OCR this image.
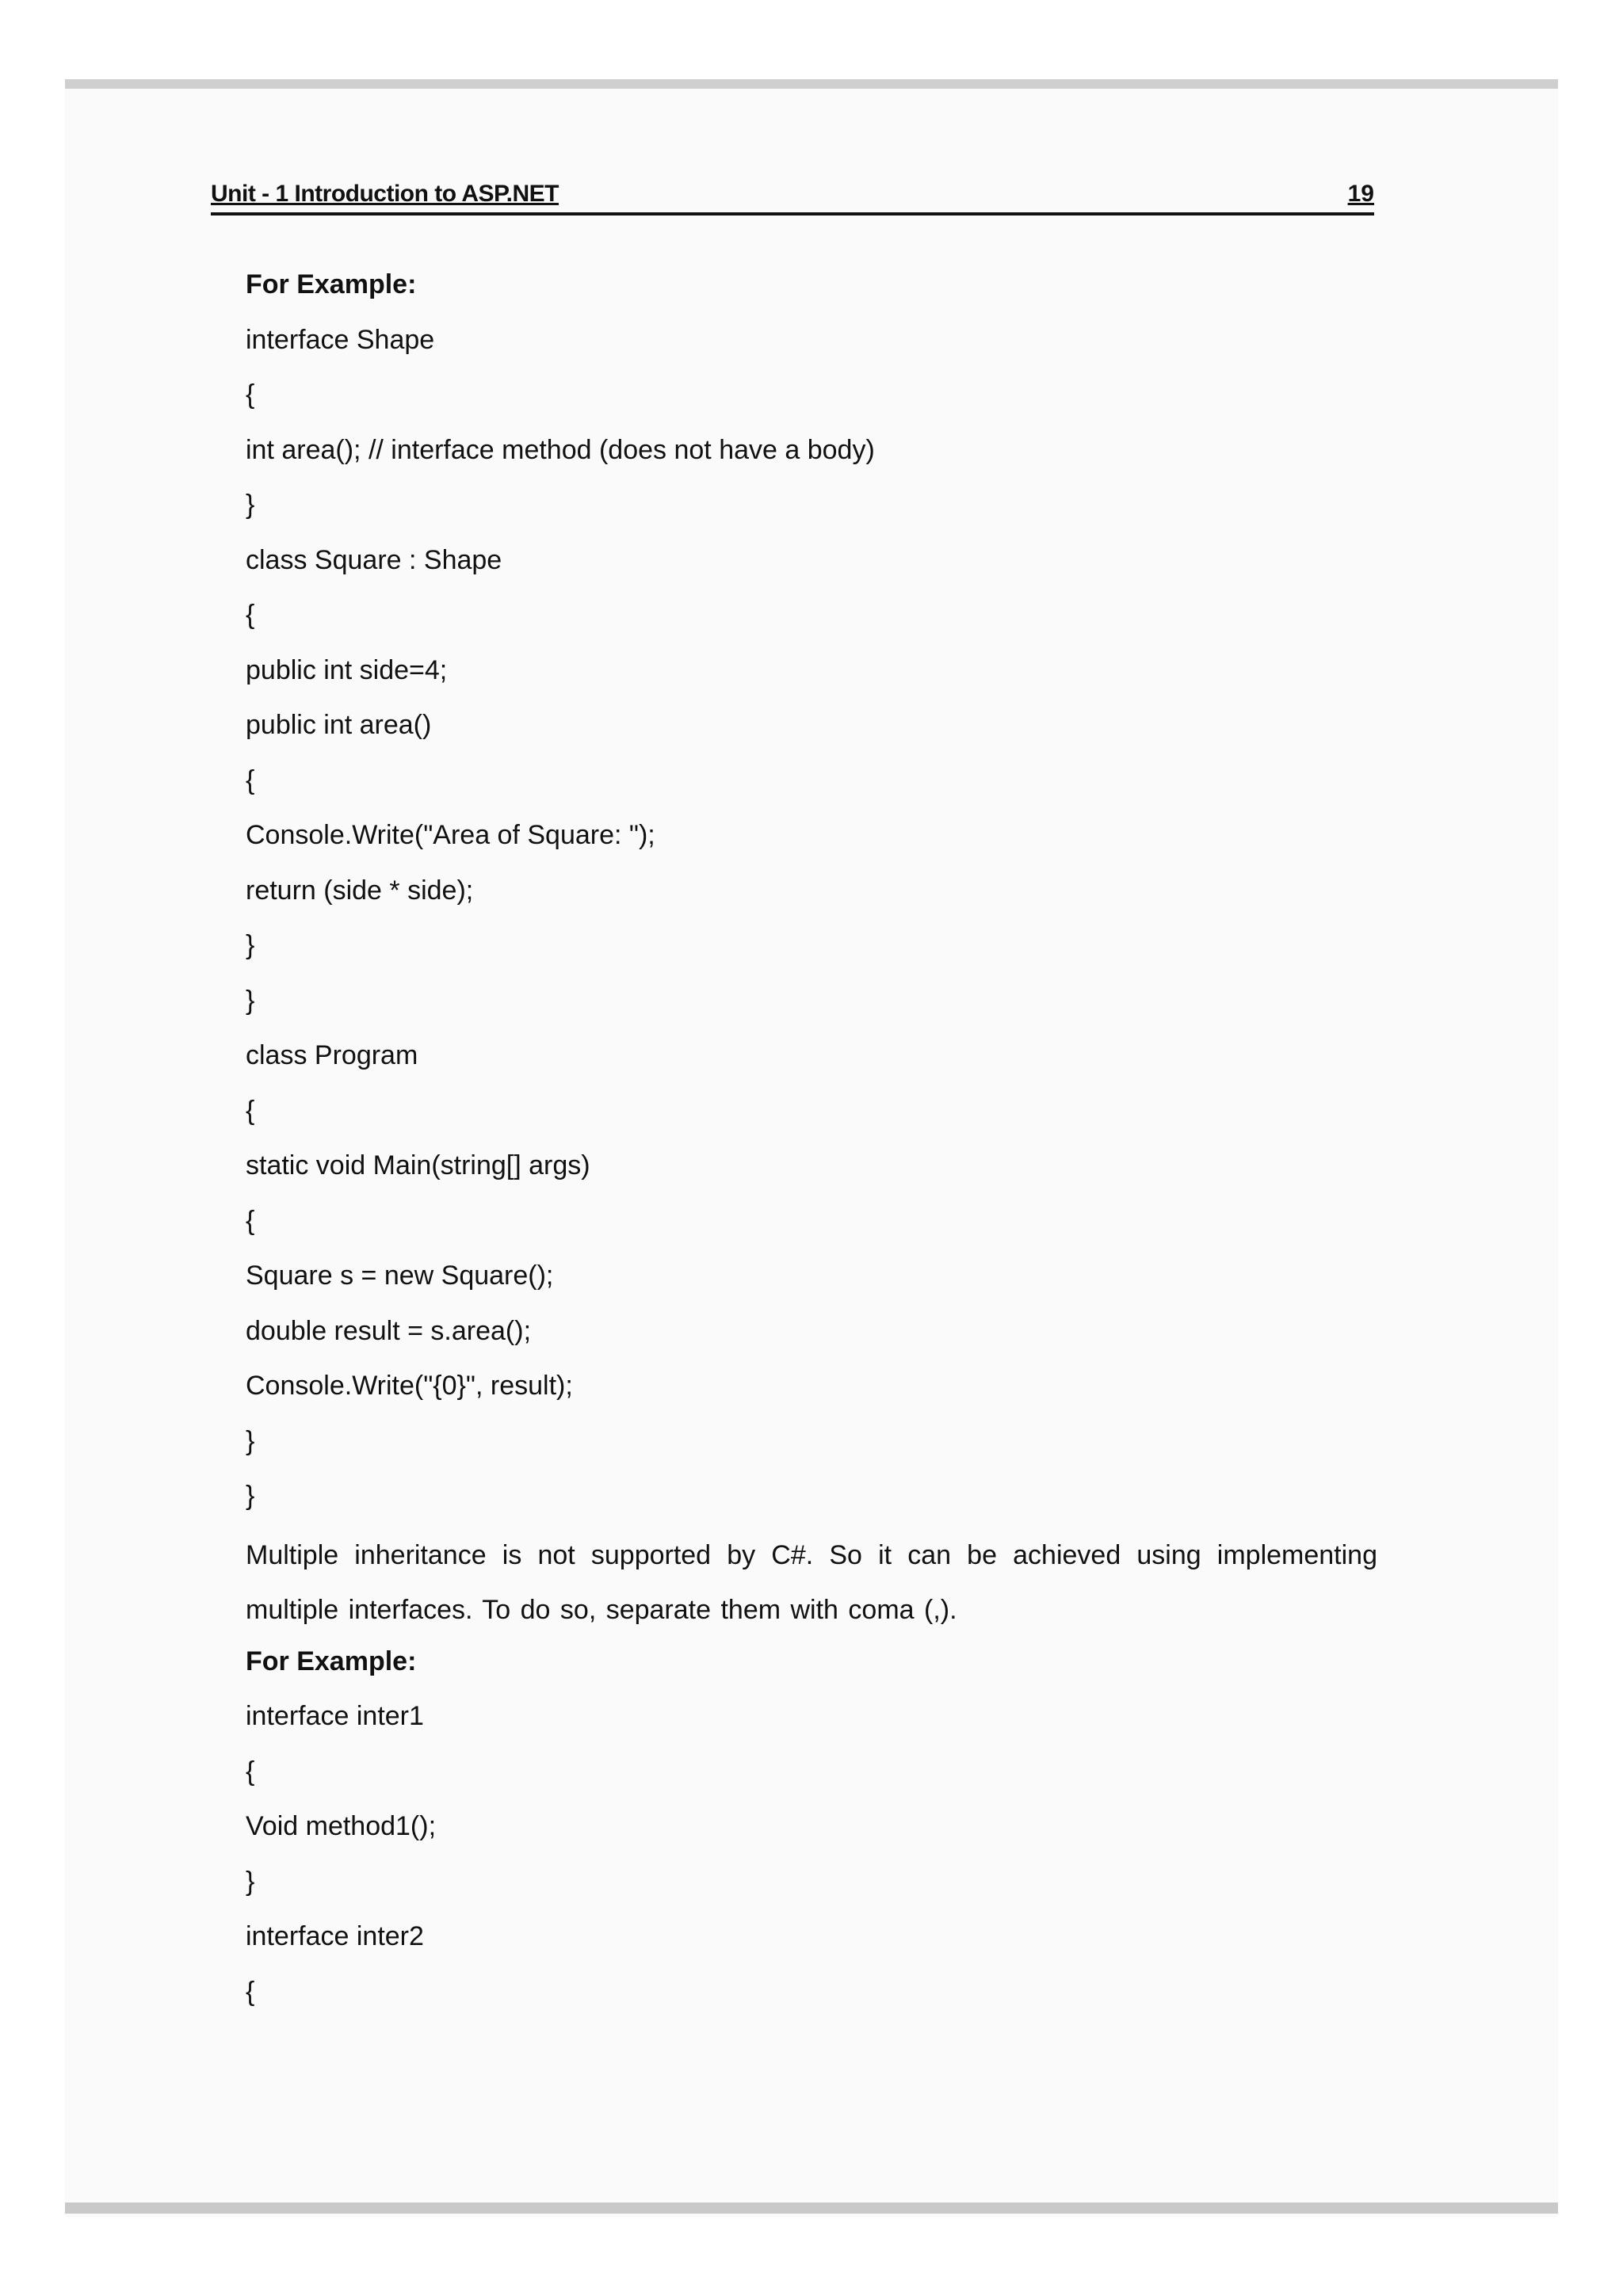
Unit - 1 Introduction to ASP.NET	19
For Example:
interface Shape
{
int area(); // interface method (does not have a body)
}
class Square : Shape
{
public int side=4;
public int area()
{
Console.Write("Area of Square: ");
return (side * side);
}
}
class Program
{
static void Main(string[] args)
{
Square s = new Square();
double result = s.area();
Console.Write("{0}", result);
}
}
Multiple inheritance is not supported by C#. So it can be achieved using implementing multiple interfaces. To do so, separate them with coma (,).
For Example:
interface inter1
{
Void method1();
}
interface inter2
{
